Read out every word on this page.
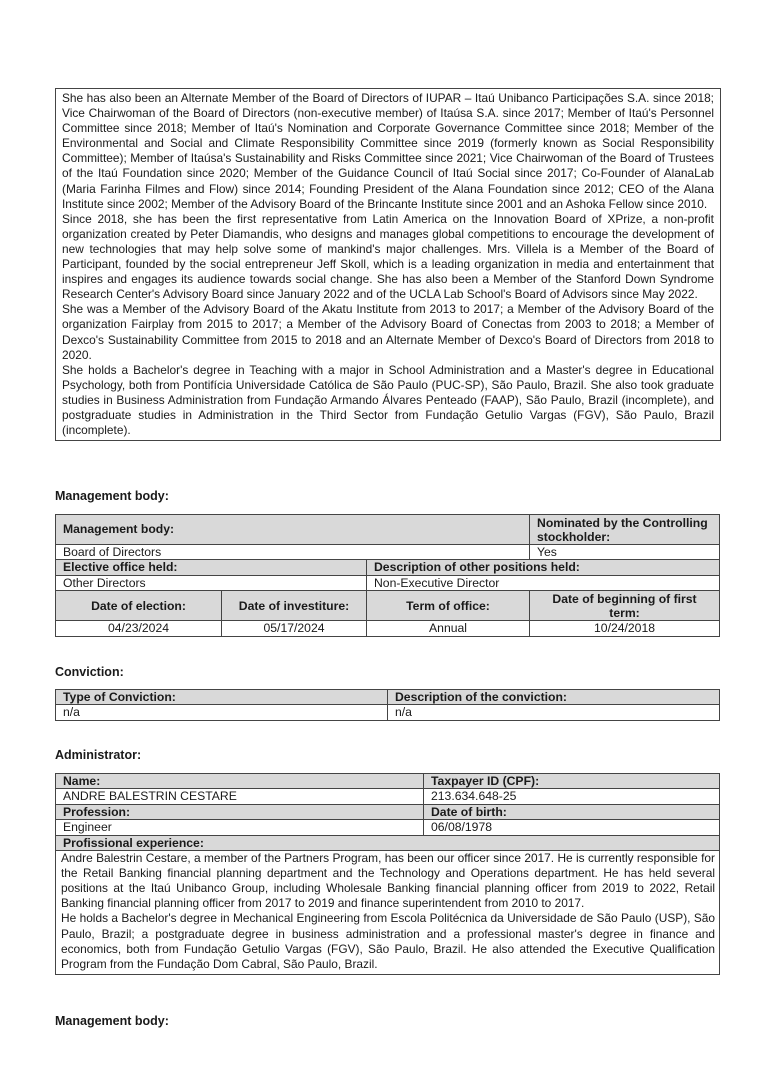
She has also been an Alternate Member of the Board of Directors of IUPAR – Itaú Unibanco Participações S.A. since 2018; Vice Chairwoman of the Board of Directors (non-executive member) of Itaúsa S.A. since 2017; Member of Itaú's Personnel Committee since 2018; Member of Itaú's Nomination and Corporate Governance Committee since 2018; Member of the Environmental and Social and Climate Responsibility Committee since 2019 (formerly known as Social Responsibility Committee); Member of Itaúsa's Sustainability and Risks Committee since 2021; Vice Chairwoman of the Board of Trustees of the Itaú Foundation since 2020; Member of the Guidance Council of Itaú Social since 2017; Co-Founder of AlanaLab (Maria Farinha Filmes and Flow) since 2014; Founding President of the Alana Foundation since 2012; CEO of the Alana Institute since 2002; Member of the Advisory Board of the Brincante Institute since 2001 and an Ashoka Fellow since 2010.

Since 2018, she has been the first representative from Latin America on the Innovation Board of XPrize, a non-profit organization created by Peter Diamandis, who designs and manages global competitions to encourage the development of new technologies that may help solve some of mankind's major challenges. Mrs. Villela is a Member of the Board of Participant, founded by the social entrepreneur Jeff Skoll, which is a leading organization in media and entertainment that inspires and engages its audience towards social change. She has also been a Member of the Stanford Down Syndrome Research Center's Advisory Board since January 2022 and of the UCLA Lab School's Board of Advisors since May 2022.

She was a Member of the Advisory Board of the Akatu Institute from 2013 to 2017; a Member of the Advisory Board of the organization Fairplay from 2015 to 2017; a Member of the Advisory Board of Conectas from 2003 to 2018; a Member of Dexco's Sustainability Committee from 2015 to 2018 and an Alternate Member of Dexco's Board of Directors from 2018 to 2020.

She holds a Bachelor's degree in Teaching with a major in School Administration and a Master's degree in Educational Psychology, both from Pontifícia Universidade Católica de São Paulo (PUC-SP), São Paulo, Brazil. She also took graduate studies in Business Administration from Fundação Armando Álvares Penteado (FAAP), São Paulo, Brazil (incomplete), and postgraduate studies in Administration in the Third Sector from Fundação Getulio Vargas (FGV), São Paulo, Brazil (incomplete).

Management body:
Management body:			Nominated by the Controlling stockholder:
Board of Directors			Yes
Elective office held:		Description of other positions held:	
Other Directors		Non-Executive Director	
Date of election:	Date of investiture:	Term of office:	Date of beginning of first term:
04/23/2024	05/17/2024	Annual	10/24/2018
Conviction:
Type of Conviction:	Description of the conviction:
n/a	n/a
Administrator:
Name:	Taxpayer ID (CPF):
ANDRE BALESTRIN CESTARE	213.634.648-25
Profession:	Date of birth:
Engineer	06/08/1978
Profissional experience:	

Andre Balestrin Cestare, a member of the Partners Program, has been our officer since 2017. He is currently responsible for the Retail Banking financial planning department and the Technology and Operations department. He has held several positions at the Itaú Unibanco Group, including Wholesale Banking financial planning officer from 2019 to 2022, Retail Banking financial planning officer from 2017 to 2019 and finance superintendent from 2010 to 2017.

He holds a Bachelor's degree in Mechanical Engineering from Escola Politécnica da Universidade de São Paulo (USP), São Paulo, Brazil; a postgraduate degree in business administration and a professional master's degree in finance and economics, both from Fundação Getulio Vargas (FGV), São Paulo, Brazil. He also attended the Executive Qualification Program from the Fundação Dom Cabral, São Paulo, Brazil.	

Management body:
